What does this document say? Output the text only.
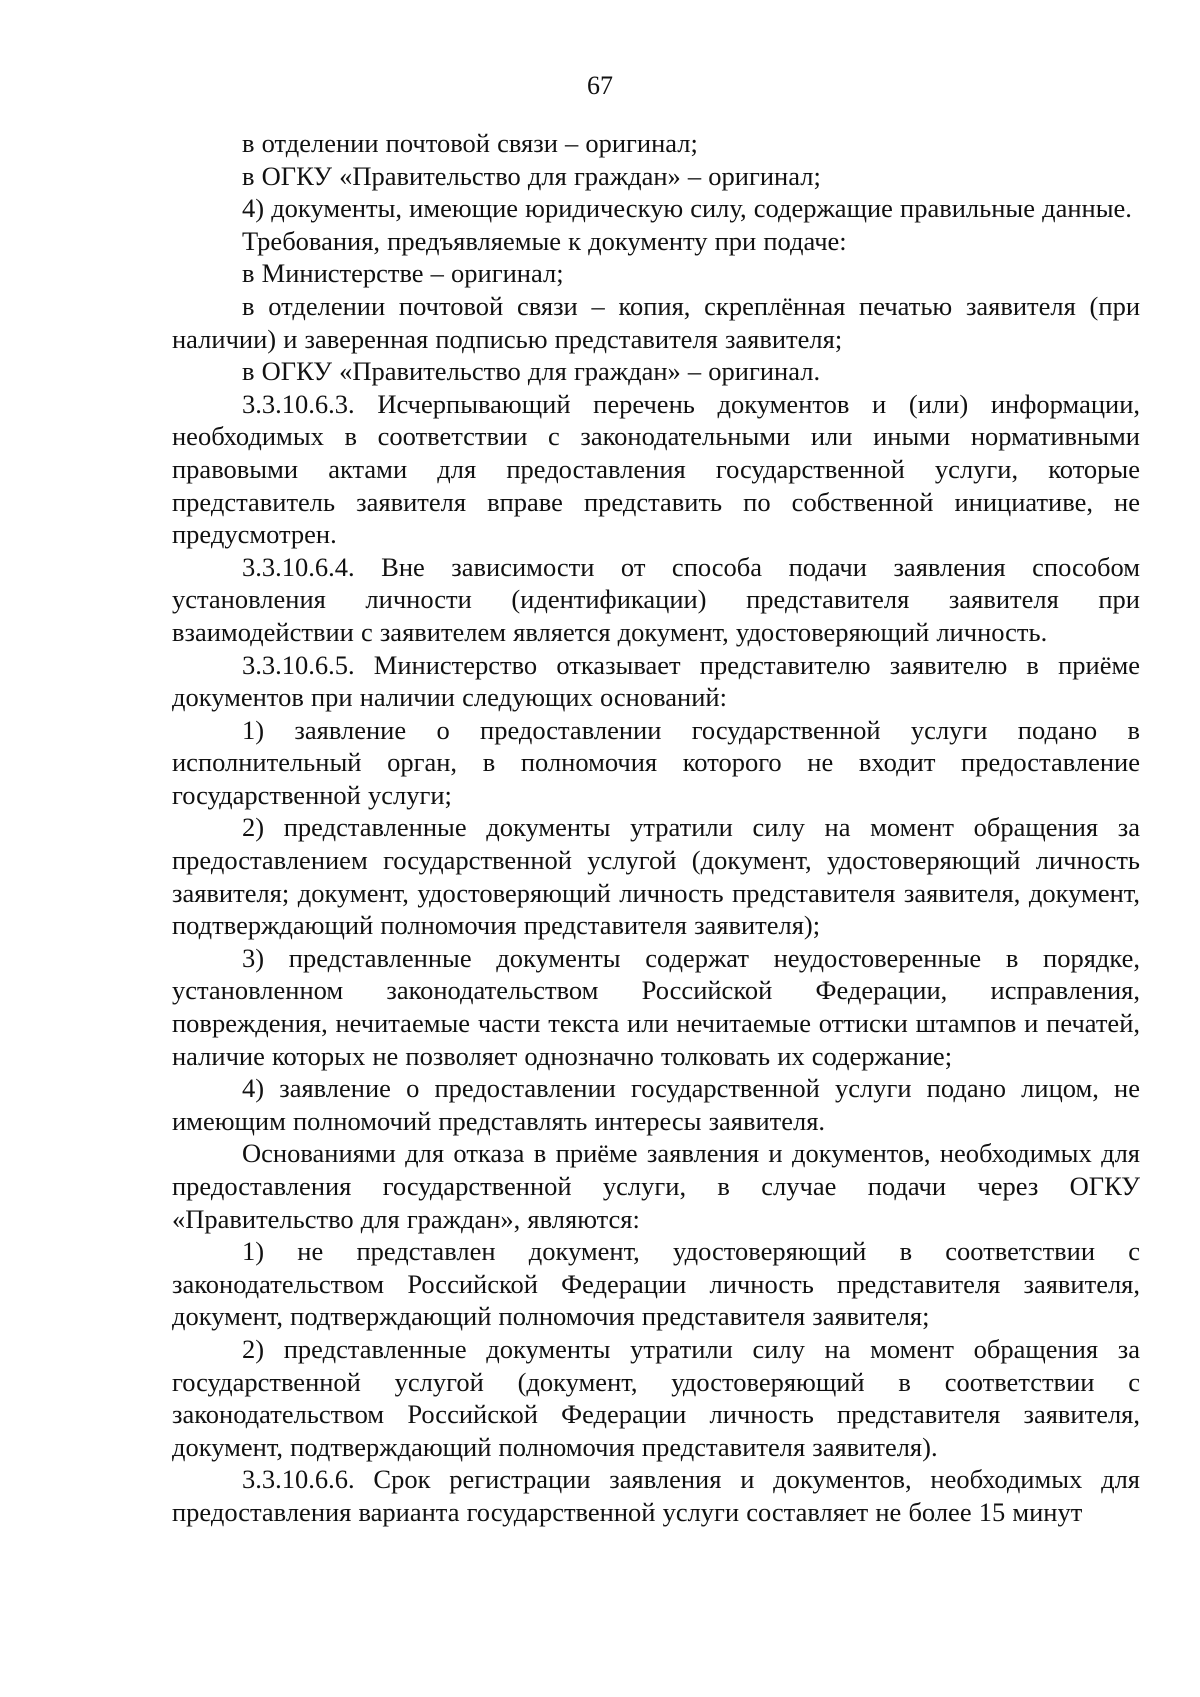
67

в отделении почтовой связи – оригинал;

в ОГКУ «Правительство для граждан» – оригинал;

4) документы, имеющие юридическую силу, содержащие правильные данные.

Требования, предъявляемые к документу при подаче:

в Министерстве – оригинал;

в отделении почтовой связи – копия, скреплённая печатью заявителя (при наличии) и заверенная подписью представителя заявителя;

в ОГКУ «Правительство для граждан» – оригинал.

3.3.10.6.3. Исчерпывающий перечень документов и (или) информации, необходимых в соответствии с законодательными или иными нормативными правовыми актами для предоставления государственной услуги, которые представитель заявителя вправе представить по собственной инициативе, не предусмотрен.

3.3.10.6.4. Вне зависимости от способа подачи заявления способом установления личности (идентификации) представителя заявителя при взаимодействии с заявителем является документ, удостоверяющий личность.

3.3.10.6.5. Министерство отказывает представителю заявителю в приёме документов при наличии следующих оснований:

1) заявление о предоставлении государственной услуги подано в исполнительный орган, в полномочия которого не входит предоставление государственной услуги;

2) представленные документы утратили силу на момент обращения за предоставлением государственной услугой (документ, удостоверяющий личность заявителя; документ, удостоверяющий личность представителя заявителя, документ, подтверждающий полномочия представителя заявителя);

3) представленные документы содержат неудостоверенные в порядке, установленном законодательством Российской Федерации, исправления, повреждения, нечитаемые части текста или нечитаемые оттиски штампов и печатей, наличие которых не позволяет однозначно толковать их содержание;

4) заявление о предоставлении государственной услуги подано лицом, не имеющим полномочий представлять интересы заявителя.

Основаниями для отказа в приёме заявления и документов, необходимых для предоставления государственной услуги, в случае подачи через ОГКУ «Правительство для граждан», являются:

1) не представлен документ, удостоверяющий в соответствии с законодательством Российской Федерации личность представителя заявителя, документ, подтверждающий полномочия представителя заявителя;

2) представленные документы утратили силу на момент обращения за государственной услугой (документ, удостоверяющий в соответствии с законодательством Российской Федерации личность представителя заявителя, документ, подтверждающий полномочия представителя заявителя).

3.3.10.6.6. Срок регистрации заявления и документов, необходимых для предоставления варианта государственной услуги составляет не более 15 минут
